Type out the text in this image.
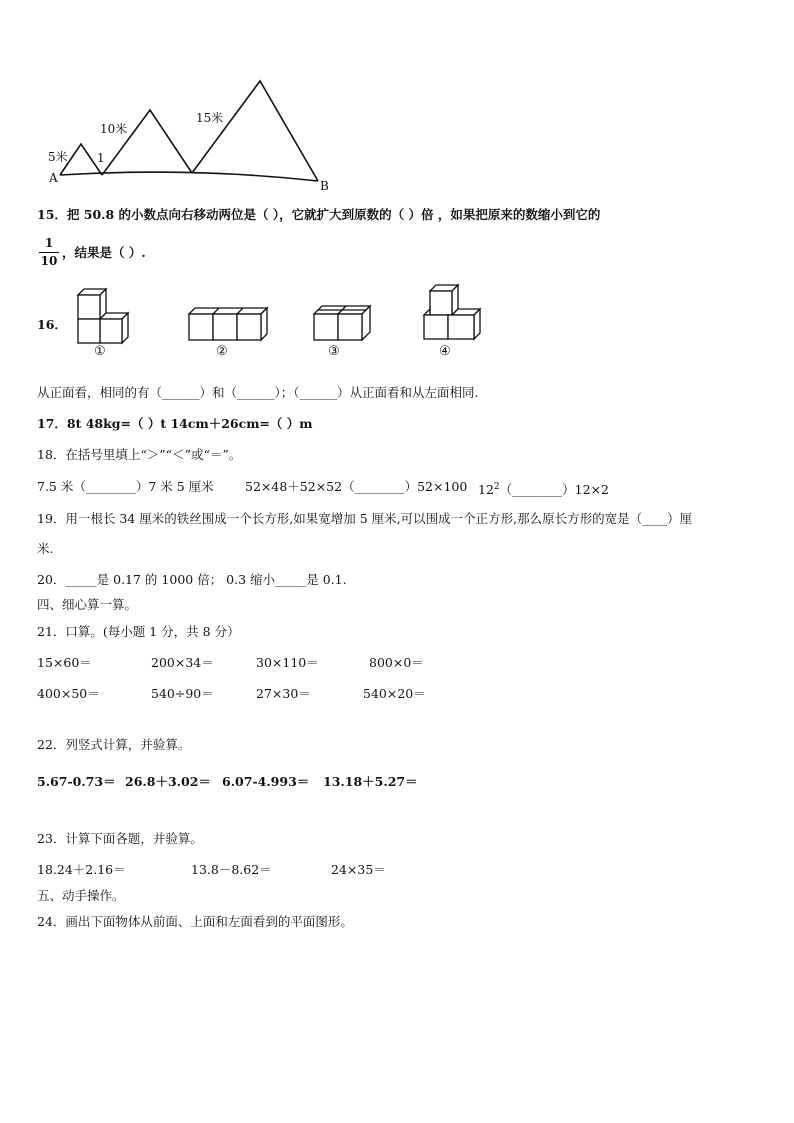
5米
10米
15米
1
A
B
15．把 50.8 的小数点向右移动两位是（ ），它就扩大到原数的（ ）倍 ，如果把原来的数缩小到它的
1
10
，结果是（ ）.
16．
①	②	③	④
从正面看，相同的有（______）和（______）；（______）从正面看和从左面相同.
17．8t 48kg=（ ）t 14cm＋26cm=（ ）m
18．在括号里填上“＞”“＜”或“＝”。
7.5 米（________）7 米 5 厘米	52×48＋52×52（________）52×100 $12^2(\_\_\_\_\_\_\_\_)12\times 2$
19．用一根长 34 厘米的铁丝围成一个长方形,如果宽增加 5 厘米,可以围成一个正方形,那么原长方形的宽是（____）厘
米.
20．_____是 0.17 的 1000 倍； 0.3 缩小_____是 0.1.
四、细心算一算。
21．口算。(每小题 1 分，共 8 分）
15×60＝	200×34＝	30×110＝	800×0＝
400×50＝	540÷90＝	27×30＝	540×20＝
22．列竖式计算，并验算。
5.67-0.73＝ 26.8＋3.02＝ 6.07-4.993＝ 13.18＋5.27＝
23．计算下面各题，并验算。
18.24＋2.16＝	13.8－8.62＝	24×35＝
五、动手操作。
24．画出下面物体从前面、上面和左面看到的平面图形。
